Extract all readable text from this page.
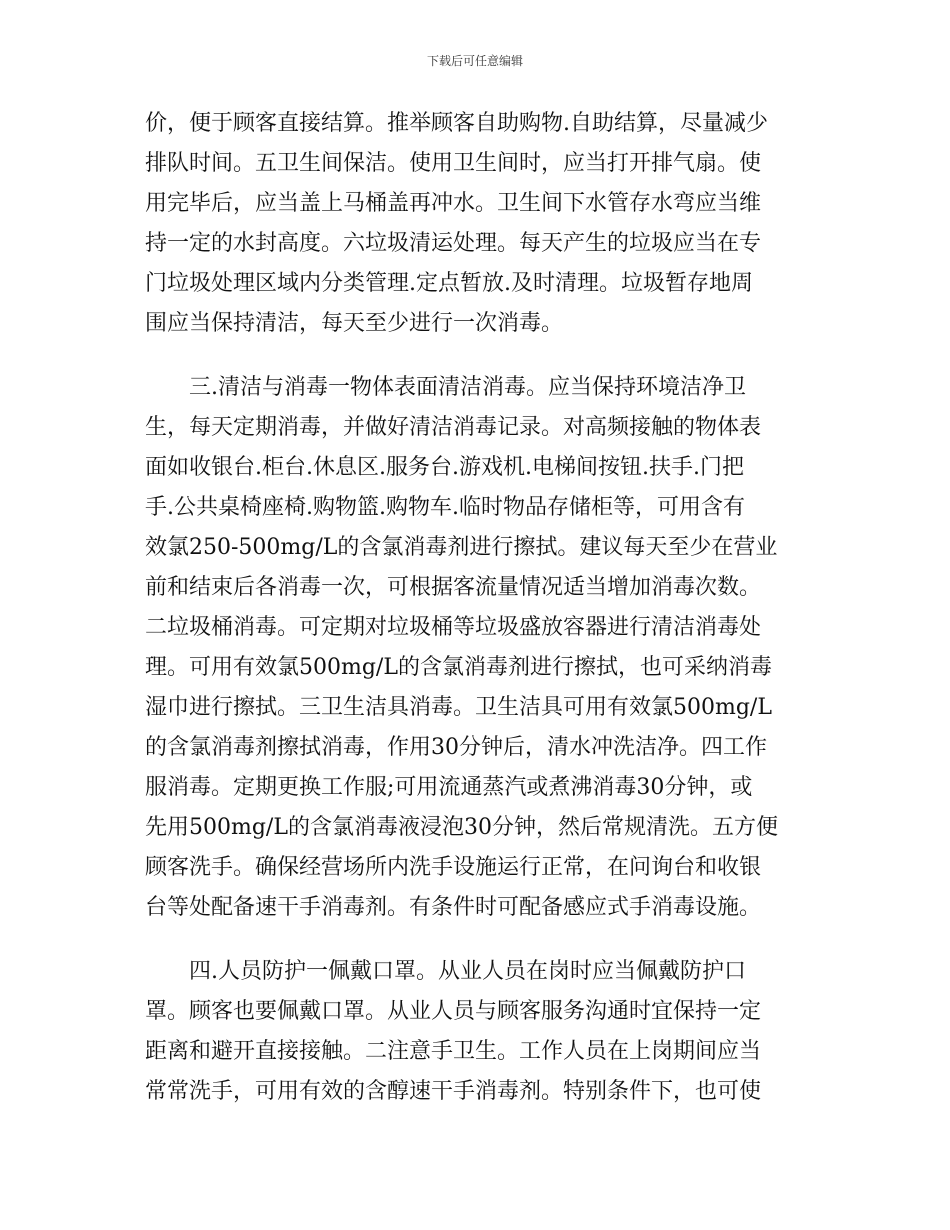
下载后可任意编辑
价，便于顾客直接结算。推举顾客自助购物.自助结算，尽量减少
排队时间。五卫生间保洁。使用卫生间时，应当打开排气扇。使
用完毕后，应当盖上马桶盖再冲水。卫生间下水管存水弯应当维
持一定的水封高度。六垃圾清运处理。每天产生的垃圾应当在专
门垃圾处理区域内分类管理.定点暂放.及时清理。垃圾暂存地周
围应当保持清洁，每天至少进行一次消毒。
　　三.清洁与消毒一物体表面清洁消毒。应当保持环境洁净卫
生，每天定期消毒，并做好清洁消毒记录。对高频接触的物体表
面如收银台.柜台.休息区.服务台.游戏机.电梯间按钮.扶手.门把
手.公共桌椅座椅.购物篮.购物车.临时物品存储柜等，可用含有
效氯250-500mg/L的含氯消毒剂进行擦拭。建议每天至少在营业
前和结束后各消毒一次，可根据客流量情况适当增加消毒次数。
二垃圾桶消毒。可定期对垃圾桶等垃圾盛放容器进行清洁消毒处
理。可用有效氯500mg/L的含氯消毒剂进行擦拭，也可采纳消毒
湿巾进行擦拭。三卫生洁具消毒。卫生洁具可用有效氯500mg/L
的含氯消毒剂擦拭消毒，作用30分钟后，清水冲洗洁净。四工作
服消毒。定期更换工作服;可用流通蒸汽或煮沸消毒30分钟，或
先用500mg/L的含氯消毒液浸泡30分钟，然后常规清洗。五方便
顾客洗手。确保经营场所内洗手设施运行正常，在问询台和收银
台等处配备速干手消毒剂。有条件时可配备感应式手消毒设施。
　　四.人员防护一佩戴口罩。从业人员在岗时应当佩戴防护口
罩。顾客也要佩戴口罩。从业人员与顾客服务沟通时宜保持一定
距离和避开直接接触。二注意手卫生。工作人员在上岗期间应当
常常洗手，可用有效的含醇速干手消毒剂。特别条件下，也可使
